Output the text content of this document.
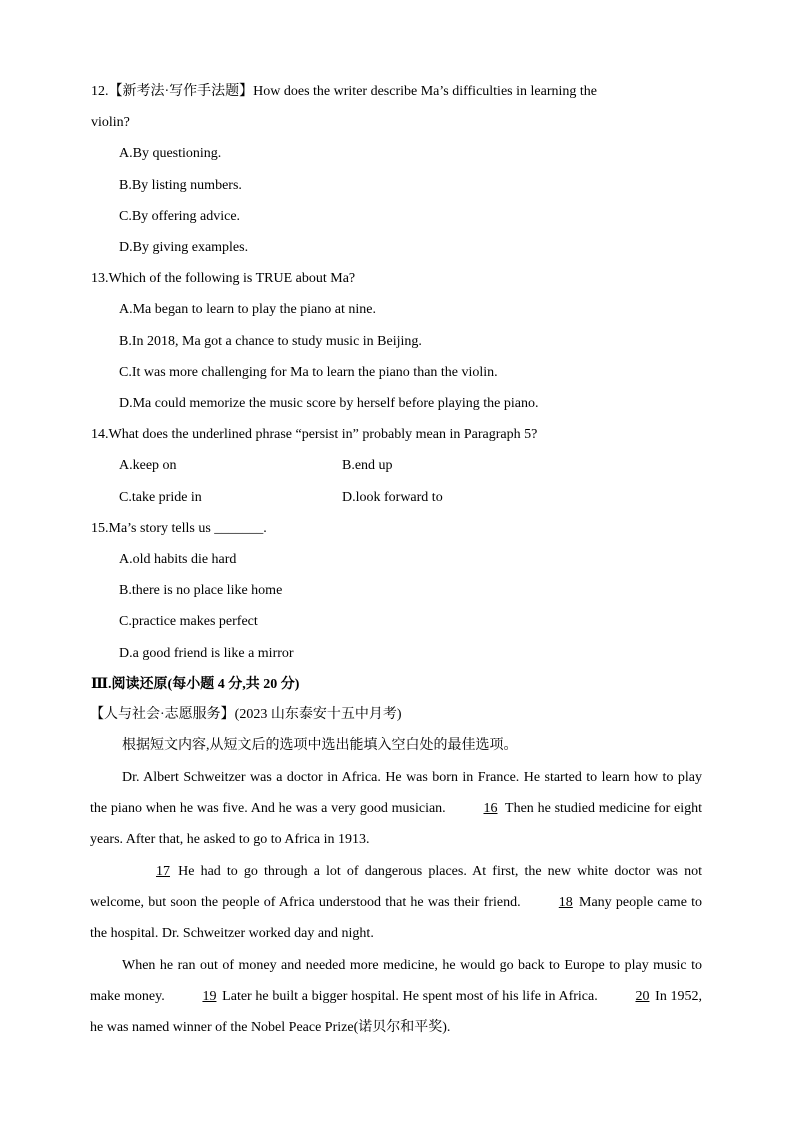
12.【新考法·写作手法题】How does the writer describe Ma’s difficulties in learning the
violin?
A.By questioning.
B.By listing numbers.
C.By offering advice.
D.By giving examples.
13.Which of the following is TRUE about Ma?
A.Ma began to learn to play the piano at nine.
B.In 2018, Ma got a chance to study music in Beijing.
C.It was more challenging for Ma to learn the piano than the violin.
D.Ma could memorize the music score by herself before playing the piano.
14.What does the underlined phrase “persist in” probably mean in Paragraph 5?
A.keep on	B.end up
C.take pride in	D.look forward to
15.Ma’s story tells us _______.
A.old habits die hard
B.there is no place like home
C.practice makes perfect
D.a good friend is like a mirror
Ⅲ.阅读还原(每小题 4 分,共 20 分)
【人与社会·志愿服务】(2023 山东泰安十五中月考)
根据短文内容,从短文后的选项中选出能填入空白处的最佳选项。
Dr. Albert Schweitzer was a doctor in Africa. He was born in France. He started to learn how to play the piano when he was five. And he was a very good musician.	16 Then he studied medicine for eight years. After that, he asked to go to Africa in 1913.
17 He had to go through a lot of dangerous places. At first, the new white doctor was not welcome, but soon the people of Africa understood that he was their friend.	18 Many people came to the hospital. Dr. Schweitzer worked day and night.
When he ran out of money and needed more medicine, he would go back to Europe to play music to make money.	19 Later he built a bigger hospital. He spent most of his life in Africa.	20 In 1952, he was named winner of the Nobel Peace Prize(诺贝尔和平奖).
